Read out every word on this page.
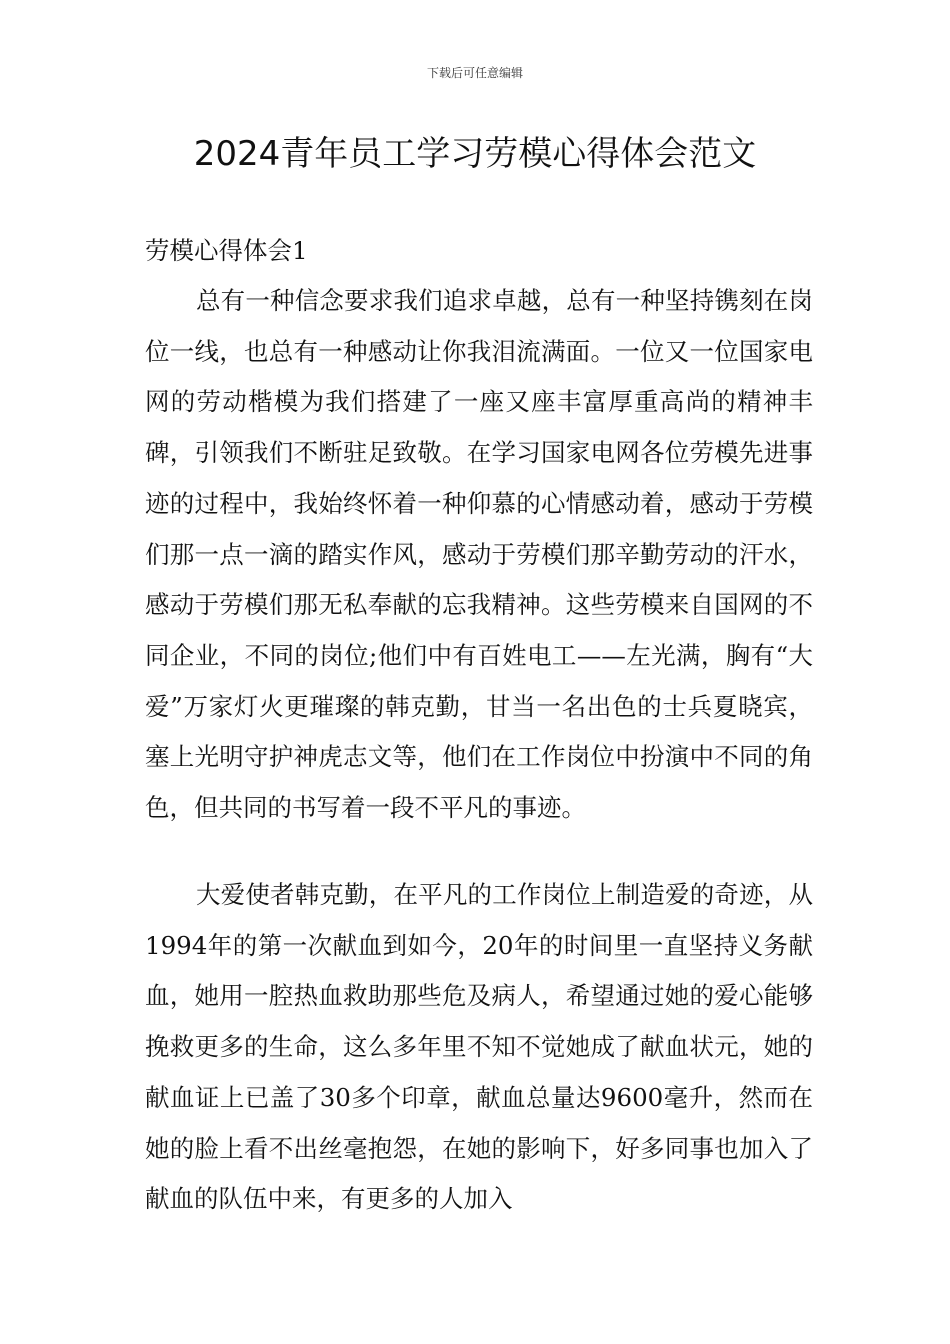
下载后可任意编辑
2024青年员工学习劳模心得体会范文
劳模心得体会1

总有一种信念要求我们追求卓越，总有一种坚持镌刻在岗位一线，也总有一种感动让你我泪流满面。一位又一位国家电网的劳动楷模为我们搭建了一座又座丰富厚重高尚的精神丰碑，引领我们不断驻足致敬。在学习国家电网各位劳模先进事迹的过程中，我始终怀着一种仰慕的心情感动着，感动于劳模们那一点一滴的踏实作风，感动于劳模们那辛勤劳动的汗水，感动于劳模们那无私奉献的忘我精神。这些劳模来自国网的不同企业，不同的岗位;他们中有百姓电工——左光满，胸有“大爱”万家灯火更璀璨的韩克勤，甘当一名出色的士兵夏晓宾，塞上光明守护神虎志文等，他们在工作岗位中扮演中不同的角色，但共同的书写着一段不平凡的事迹。

大爱使者韩克勤，在平凡的工作岗位上制造爱的奇迹，从1994年的第一次献血到如今，20年的时间里一直坚持义务献血，她用一腔热血救助那些危及病人，希望通过她的爱心能够挽救更多的生命，这么多年里不知不觉她成了献血状元，她的献血证上已盖了30多个印章，献血总量达9600毫升，然而在她的脸上看不出丝毫抱怨，在她的影响下，好多同事也加入了献血的队伍中来，有更多的人加入
